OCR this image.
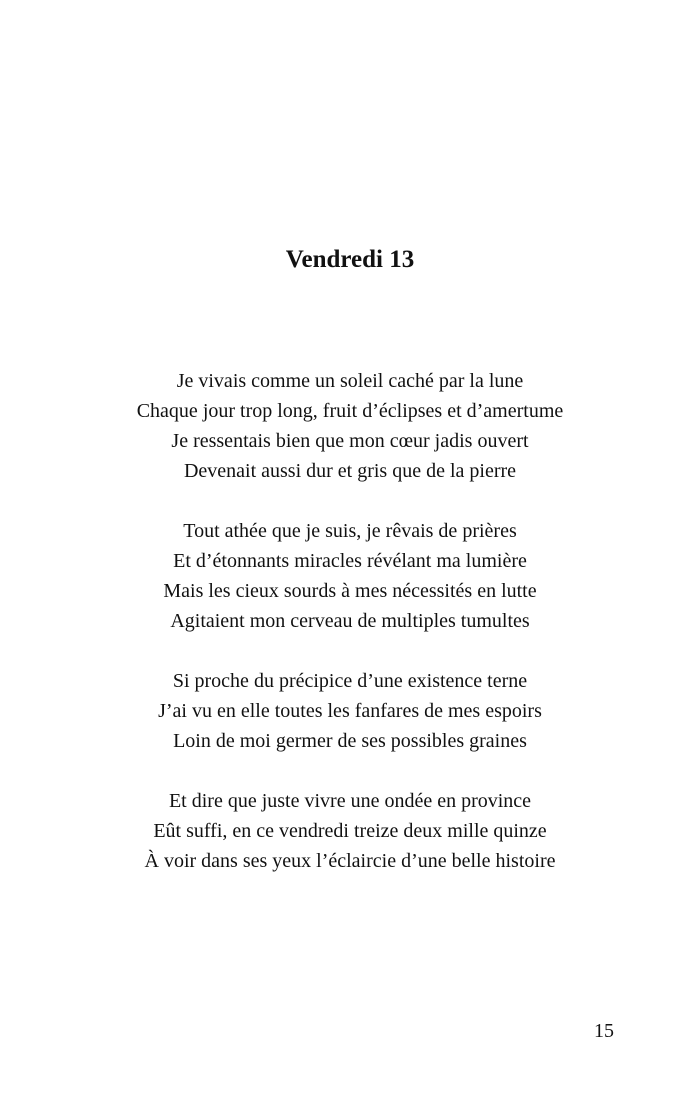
Vendredi 13
Je vivais comme un soleil caché par la lune
Chaque jour trop long, fruit d’éclipses et d’amertume
Je ressentais bien que mon cœur jadis ouvert
Devenait aussi dur et gris que de la pierre
Tout athée que je suis, je rêvais de prières
Et d’étonnants miracles révélant ma lumière
Mais les cieux sourds à mes nécessités en lutte
Agitaient mon cerveau de multiples tumultes
Si proche du précipice d’une existence terne
J’ai vu en elle toutes les fanfares de mes espoirs
Loin de moi germer de ses possibles graines
Et dire que juste vivre une ondée en province
Eût suffi, en ce vendredi treize deux mille quinze
À voir dans ses yeux l’éclaircie d’une belle histoire
15
